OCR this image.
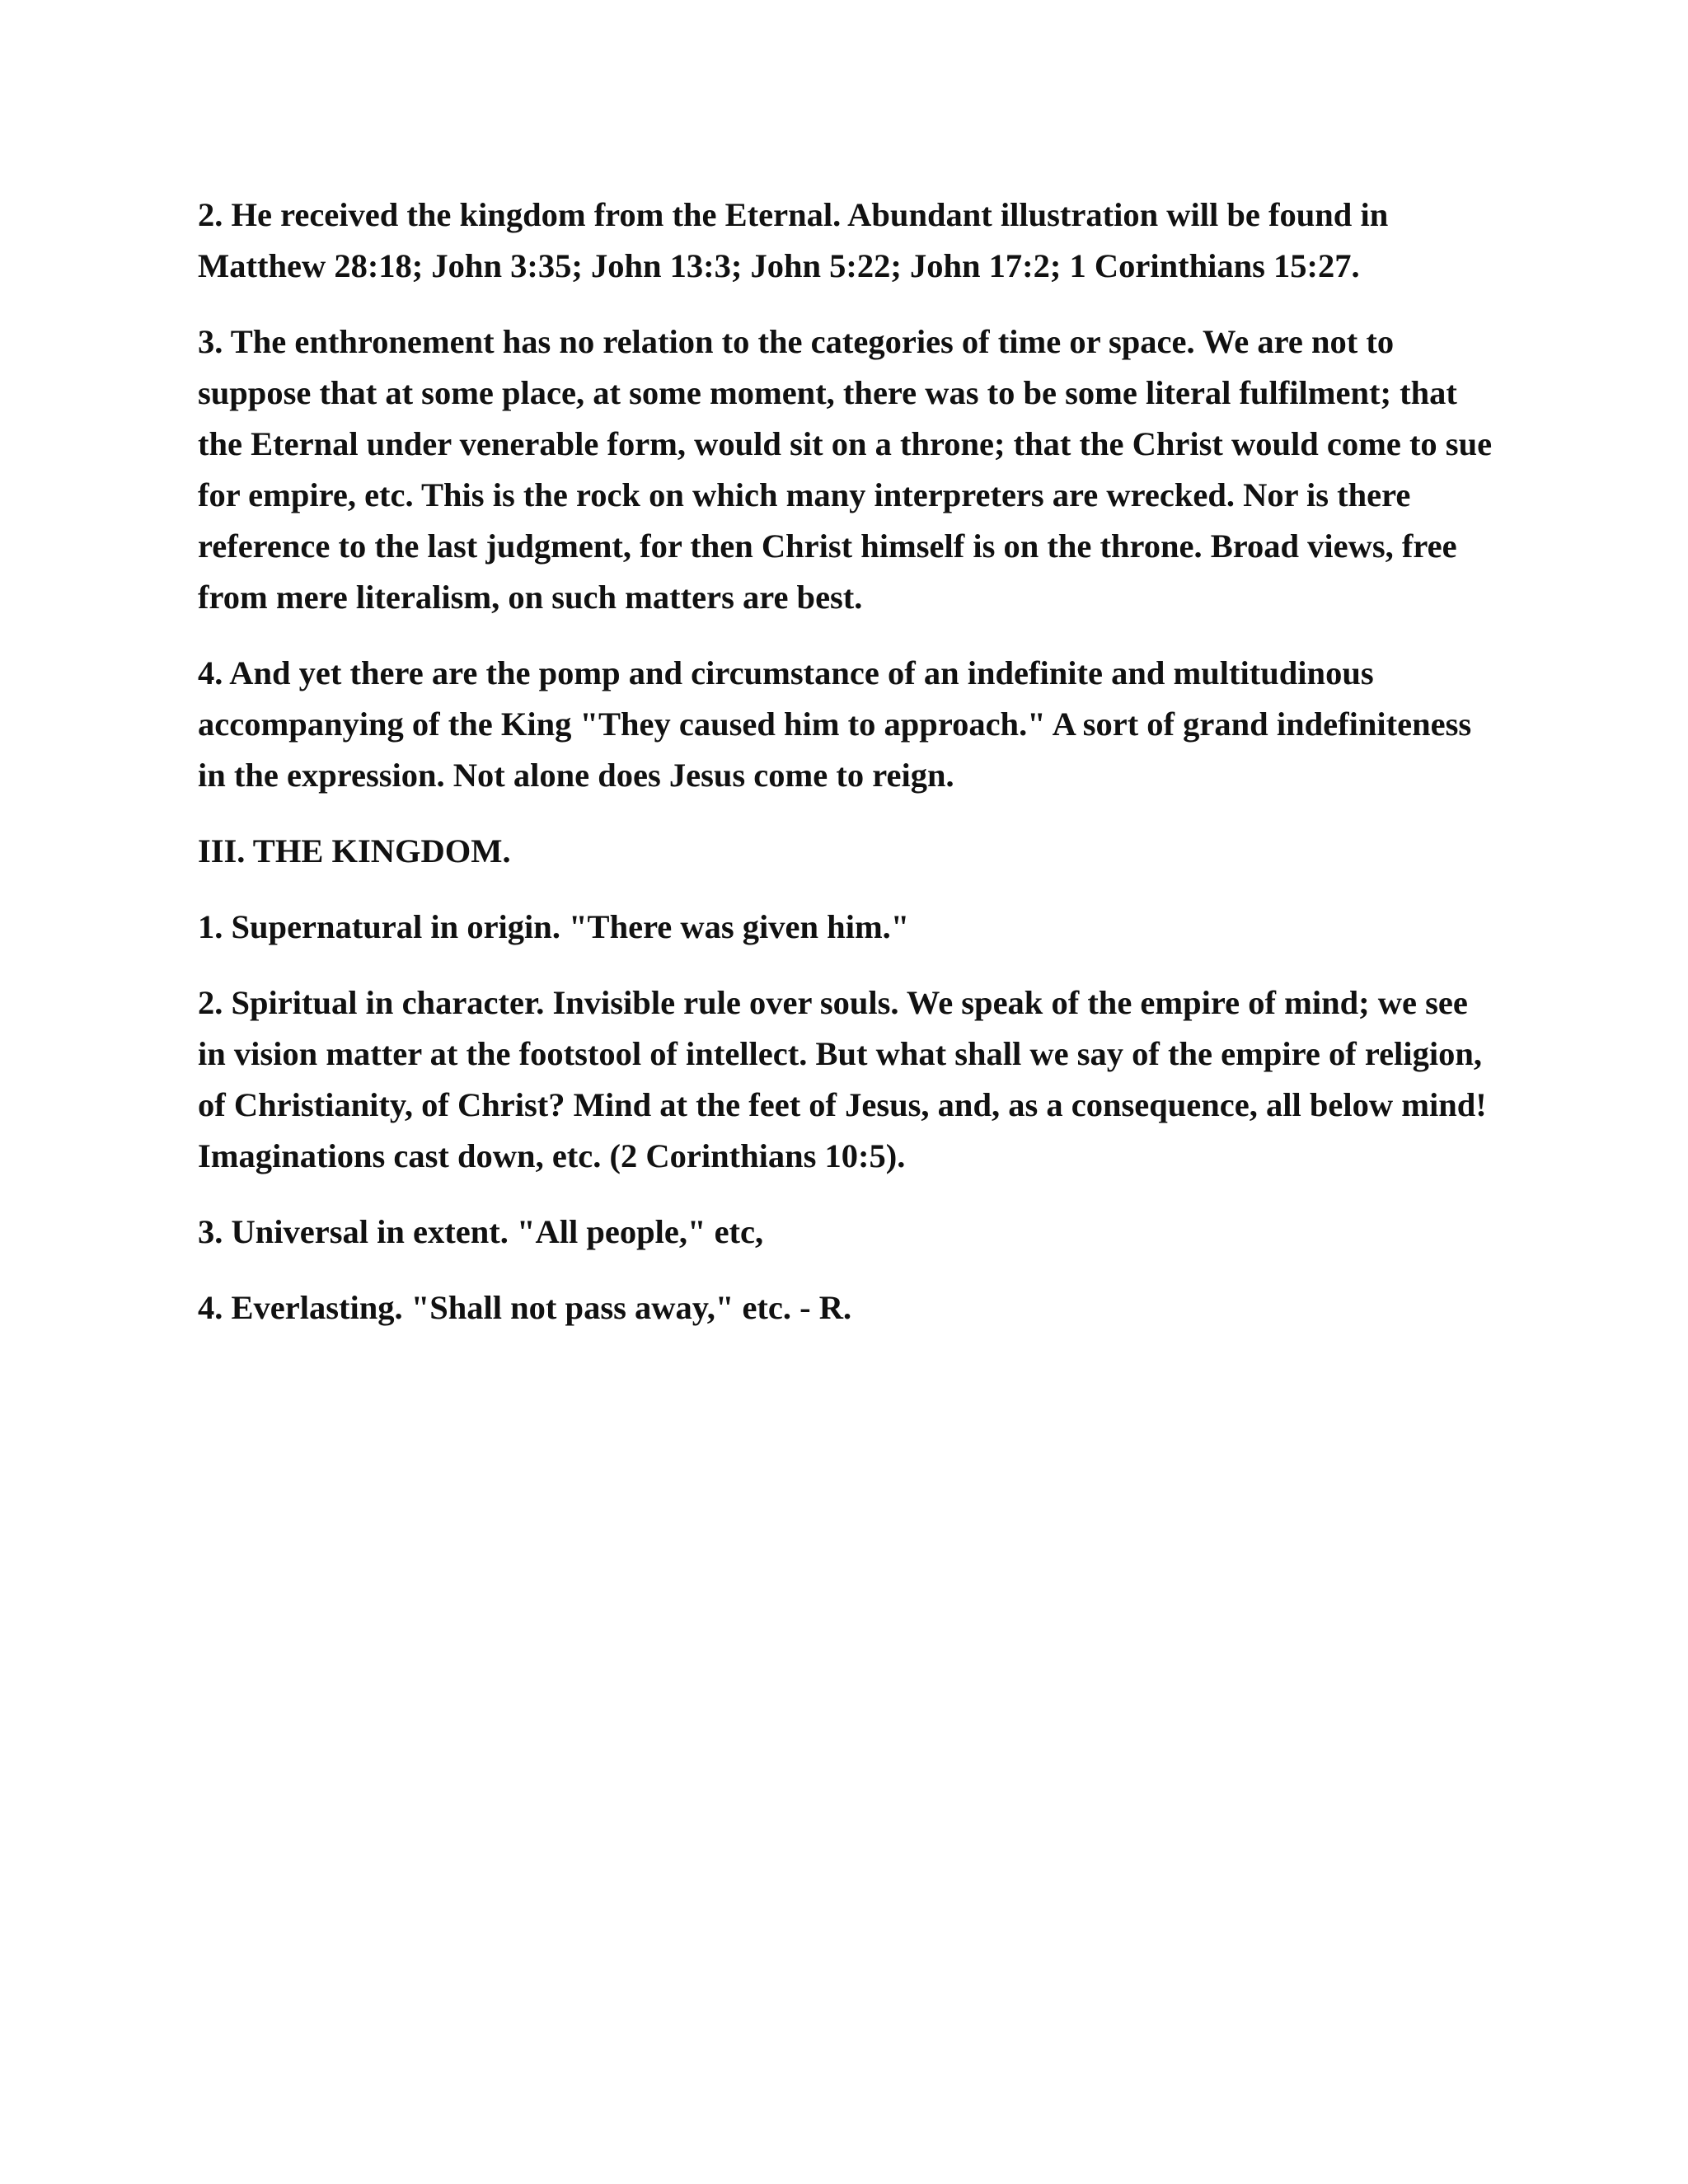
2. He received the kingdom from the Eternal. Abundant illustration will be found in Matthew 28:18; John 3:35; John 13:3; John 5:22; John 17:2; 1 Corinthians 15:27.

3. The enthronement has no relation to the categories of time or space. We are not to suppose that at some place, at some moment, there was to be some literal fulfilment; that the Eternal under venerable form, would sit on a throne; that the Christ would come to sue for empire, etc. This is the rock on which many interpreters are wrecked. Nor is there reference to the last judgment, for then Christ himself is on the throne. Broad views, free from mere literalism, on such matters are best.

4. And yet there are the pomp and circumstance of an indefinite and multitudinous accompanying of the King "They caused him to approach." A sort of grand indefiniteness in the expression. Not alone does Jesus come to reign.

III. THE KINGDOM.

1. Supernatural in origin. "There was given him."

2. Spiritual in character. Invisible rule over souls. We speak of the empire of mind; we see in vision matter at the footstool of intellect. But what shall we say of the empire of religion, of Christianity, of Christ? Mind at the feet of Jesus, and, as a consequence, all below mind! Imaginations cast down, etc. (2 Corinthians 10:5).

3. Universal in extent. "All people," etc,

4. Everlasting. "Shall not pass away," etc. - R.
